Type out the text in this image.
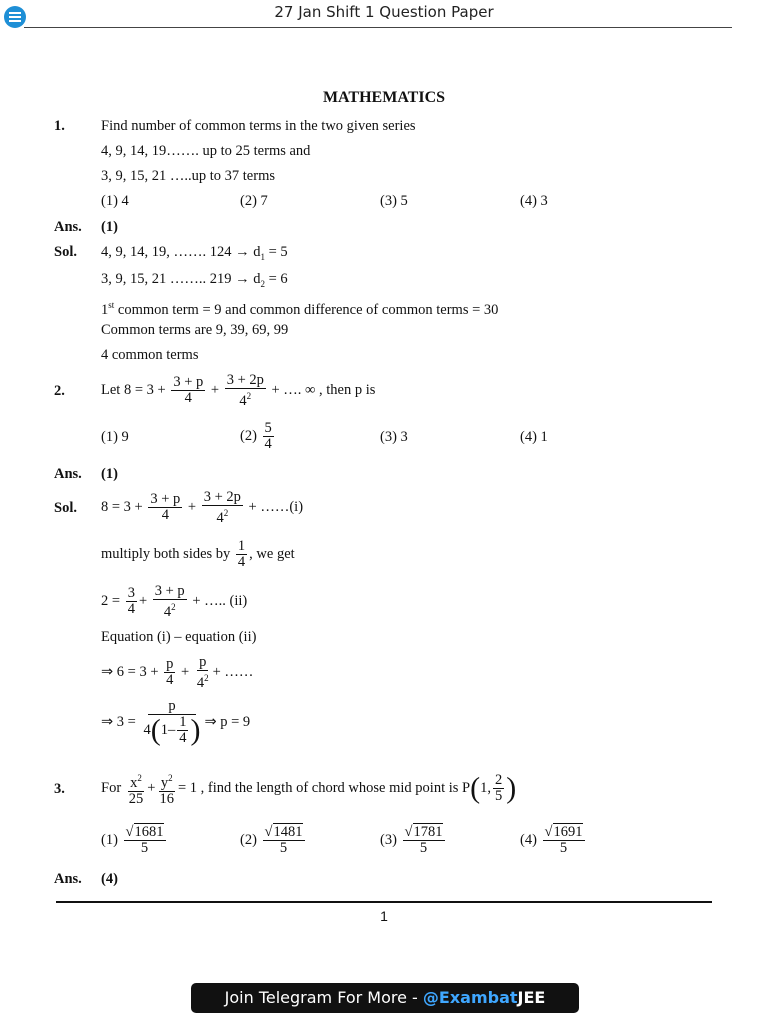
27 Jan Shift 1 Question Paper
MATHEMATICS
1. Find number of common terms in the two given series
4, 9, 14, 19……. up to 25 terms and
3, 9, 15, 21 …..up to 37 terms
(1) 4	(2) 7	(3) 5	(4) 3
Ans. (1)
Sol. 4, 9, 14, 19, ……. $124 \to d_1 = 5$
3, 9, 15, 21 …….. $219 \to d_2 = 6$
1st common term = 9 and common difference of common terms = 30
Common terms are 9, 39, 69, 99
4 common terms
2. Let $8 = 3 + \frac{3 + p}{4} + \frac{3 + 2p}{4^2}$ + …. ∞ , then p is
(1) 9	$(2) \frac{5}{4}$	(3) 3	(4) 1
Ans. (1)
Sol. $8 = 3 + \frac{3 + p}{4} + \frac{3 + 2p}{4^2}$ + ……(i)
multiply both sides by $\frac{1}{4}$ , we get
$2 = \frac{3}{4} + \frac{3 + p}{4^2}$ + ….. (ii)
Equation (i) – equation (ii)
⇒ $6 = 3 + \frac{p}{4} + \frac{p}{4^2}$ + ……
⇒ $3 = \frac{p}{4(1- \frac{1}{4} )}$ ⇒ p = 9
3. For $\frac{x^2}{25} + \frac{y^2}{16} = 1$ , find the length of chord whose mid point is P(1, $\frac{2}{5}$ )
$(1) \frac{√1681}{5}$	$(2) \frac{√1481}{5}$	$(3) \frac{√1781}{5}$	$(4) \frac{√1691}{5}$
Ans. (4)
1
Join Telegram For More - @ExambatJEE
